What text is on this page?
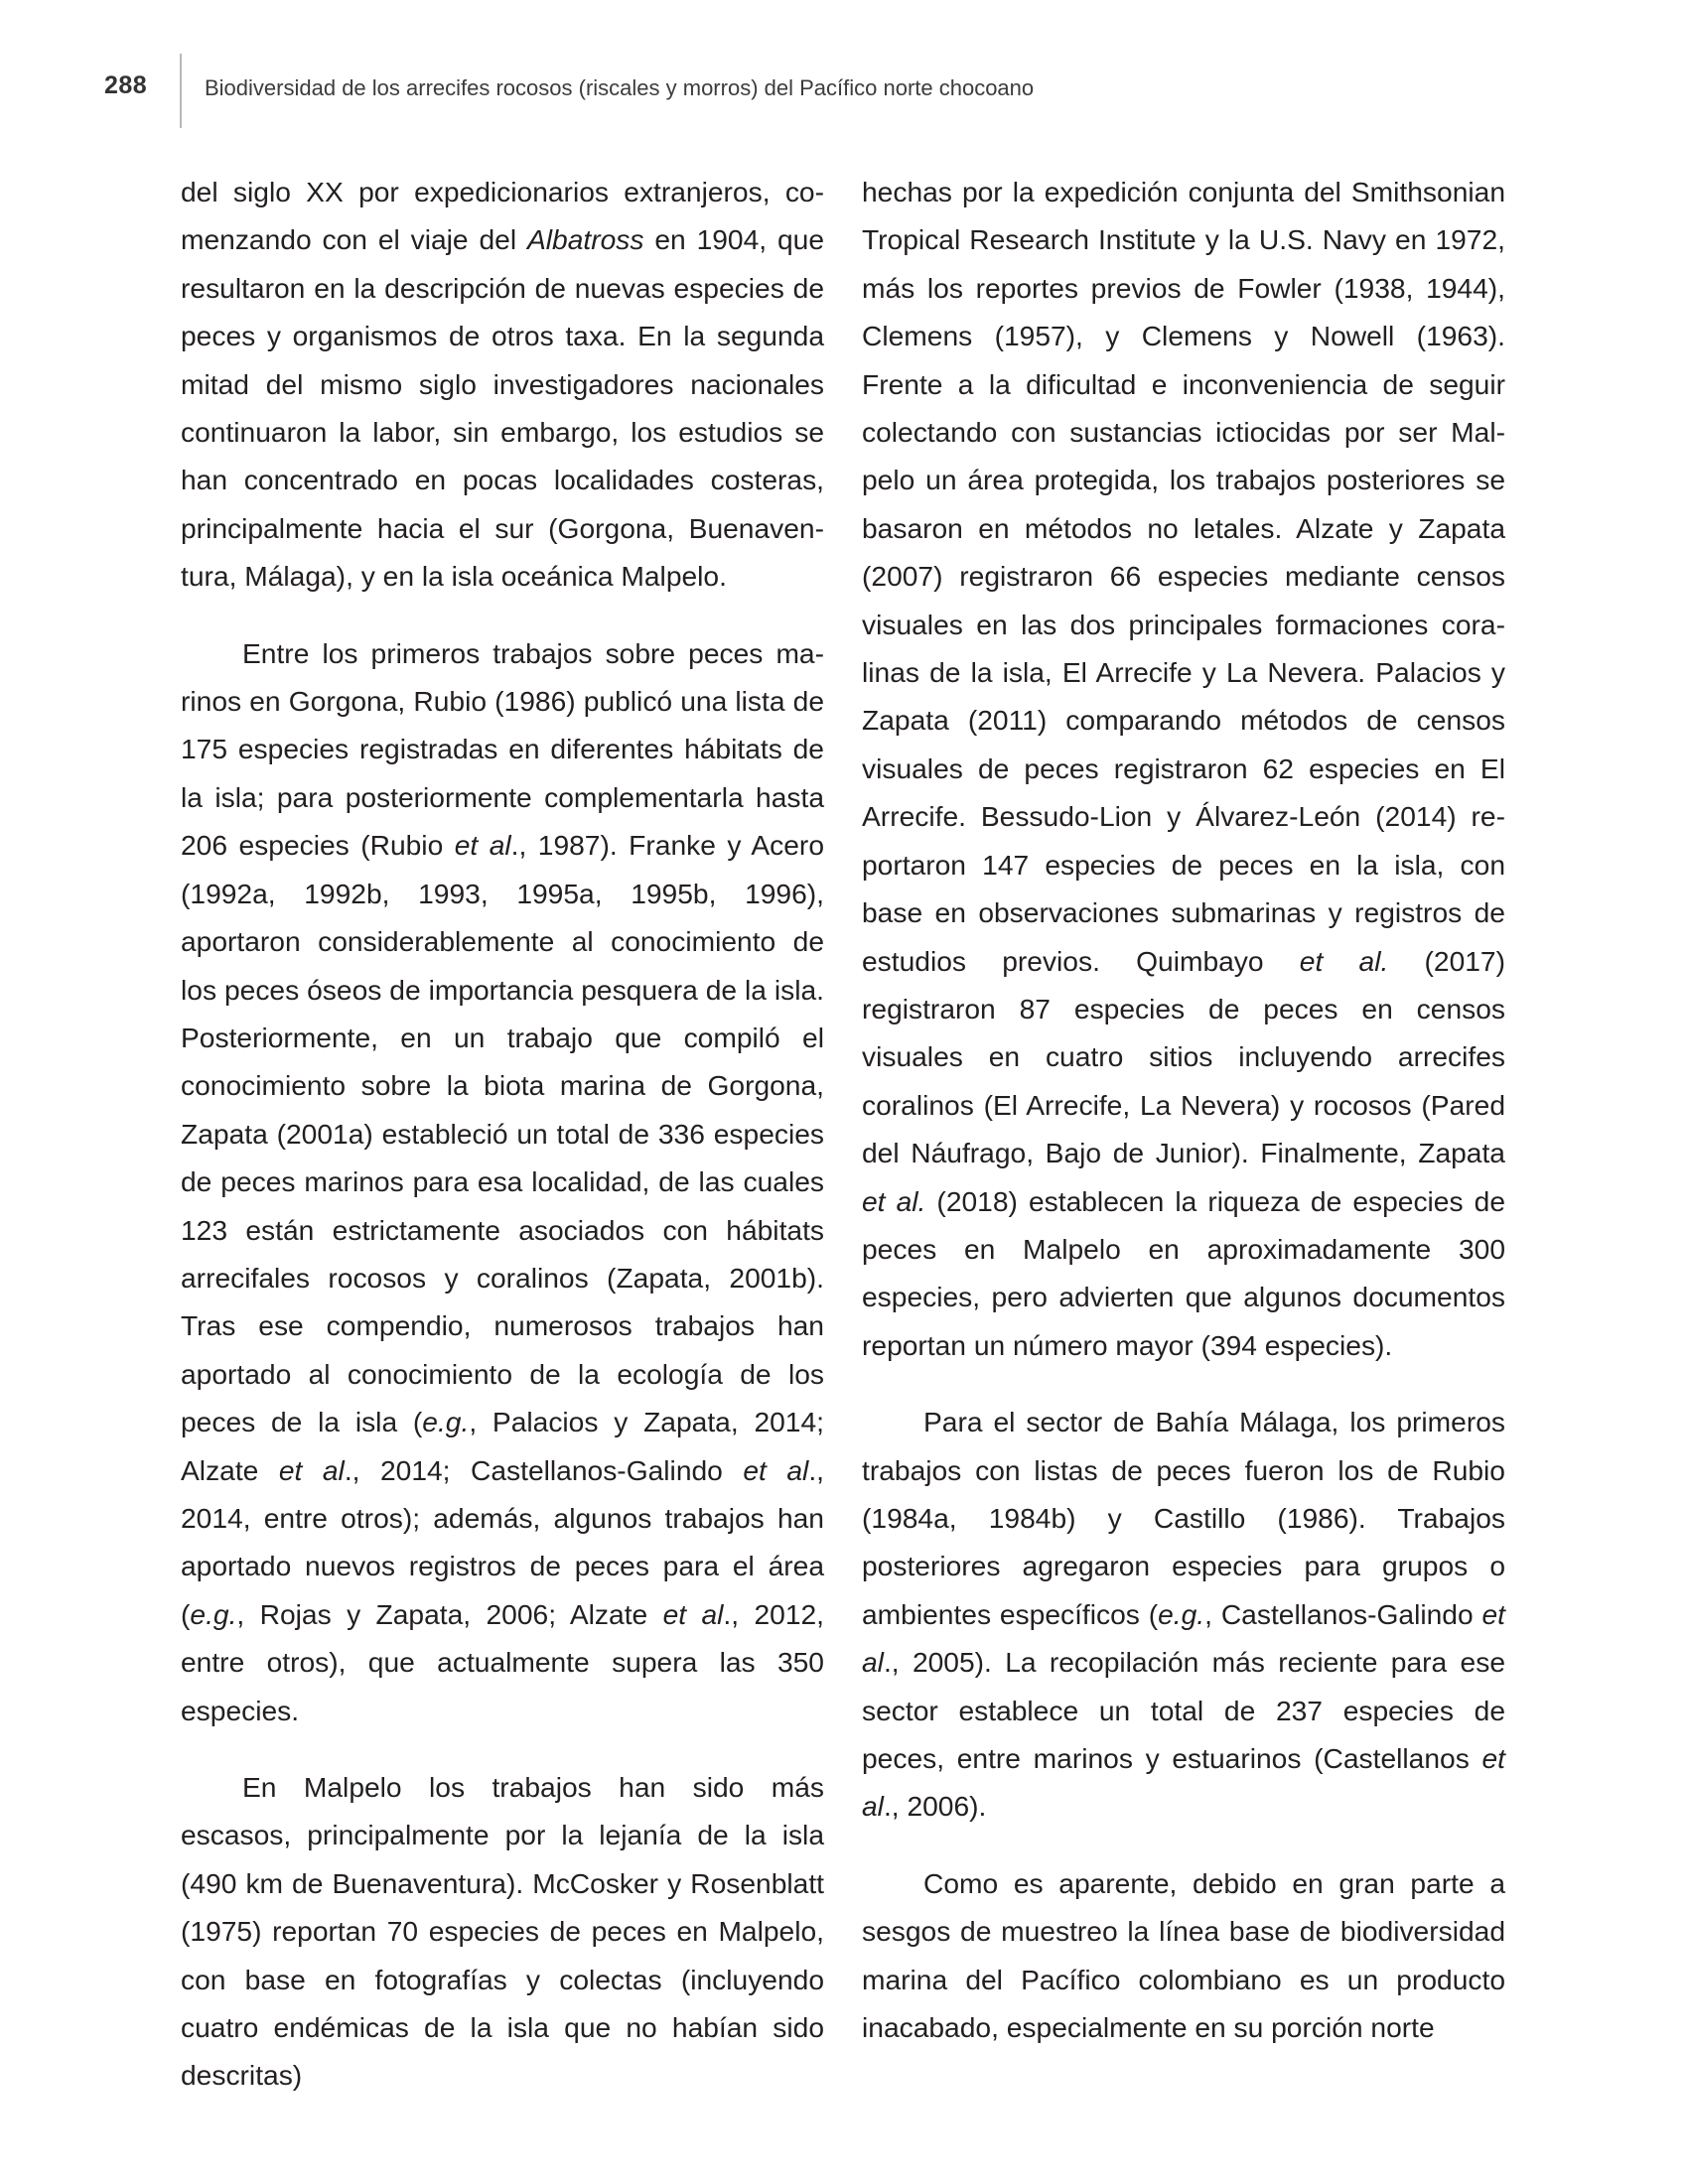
288	Biodiversidad de los arrecifes rocosos (riscales y morros) del Pacífico norte chocoano

del siglo XX por expedicionarios extranjeros, comenzando con el viaje del Albatross en 1904, que resultaron en la descripción de nuevas especies de peces y organismos de otros taxa. En la segunda mitad del mismo siglo investigadores nacionales continuaron la labor, sin embargo, los estudios se han concentrado en pocas localidades costeras, principalmente hacia el sur (Gorgona, Buenaventura, Málaga), y en la isla oceánica Malpelo.

Entre los primeros trabajos sobre peces marinos en Gorgona, Rubio (1986) publicó una lista de 175 especies registradas en diferentes hábitats de la isla; para posteriormente complementarla hasta 206 especies (Rubio et al., 1987). Franke y Acero (1992a, 1992b, 1993, 1995a, 1995b, 1996), aportaron considerablemente al conocimiento de los peces óseos de importancia pesquera de la isla. Posteriormente, en un trabajo que compiló el conocimiento sobre la biota marina de Gorgona, Zapata (2001a) estableció un total de 336 especies de peces marinos para esa localidad, de las cuales 123 están estrictamente asociados con hábitats arrecifales rocosos y coralinos (Zapata, 2001b). Tras ese compendio, numerosos trabajos han aportado al conocimiento de la ecología de los peces de la isla (e.g., Palacios y Zapata, 2014; Alzate et al., 2014; Castellanos-Galindo et al., 2014, entre otros); además, algunos trabajos han aportado nuevos registros de peces para el área (e.g., Rojas y Zapata, 2006; Alzate et al., 2012, entre otros), que actualmente supera las 350 especies.

En Malpelo los trabajos han sido más escasos, principalmente por la lejanía de la isla (490 km de Buenaventura). McCosker y Rosenblatt (1975) reportan 70 especies de peces en Malpelo, con base en fotografías y colectas (incluyendo cuatro endémicas de la isla que no habían sido descritas)

hechas por la expedición conjunta del Smithsonian Tropical Research Institute y la U.S. Navy en 1972, más los reportes previos de Fowler (1938, 1944), Clemens (1957), y Clemens y Nowell (1963). Frente a la dificultad e inconveniencia de seguir colectando con sustancias ictiocidas por ser Malpelo un área protegida, los trabajos posteriores se basaron en métodos no letales. Alzate y Zapata (2007) registraron 66 especies mediante censos visuales en las dos principales formaciones coralinas de la isla, El Arrecife y La Nevera. Palacios y Zapata (2011) comparando métodos de censos visuales de peces registraron 62 especies en El Arrecife. Bessudo-Lion y Álvarez-León (2014) reportaron 147 especies de peces en la isla, con base en observaciones submarinas y registros de estudios previos. Quimbayo et al. (2017) registraron 87 especies de peces en censos visuales en cuatro sitios incluyendo arrecifes coralinos (El Arrecife, La Nevera) y rocosos (Pared del Náufrago, Bajo de Junior). Finalmente, Zapata et al. (2018) establecen la riqueza de especies de peces en Malpelo en aproximadamente 300 especies, pero advierten que algunos documentos reportan un número mayor (394 especies).

Para el sector de Bahía Málaga, los primeros trabajos con listas de peces fueron los de Rubio (1984a, 1984b) y Castillo (1986). Trabajos posteriores agregaron especies para grupos o ambientes específicos (e.g., Castellanos-Galindo et al., 2005). La recopilación más reciente para ese sector establece un total de 237 especies de peces, entre marinos y estuarinos (Castellanos et al., 2006).

Como es aparente, debido en gran parte a sesgos de muestreo la línea base de biodiversidad marina del Pacífico colombiano es un producto inacabado, especialmente en su porción norte
